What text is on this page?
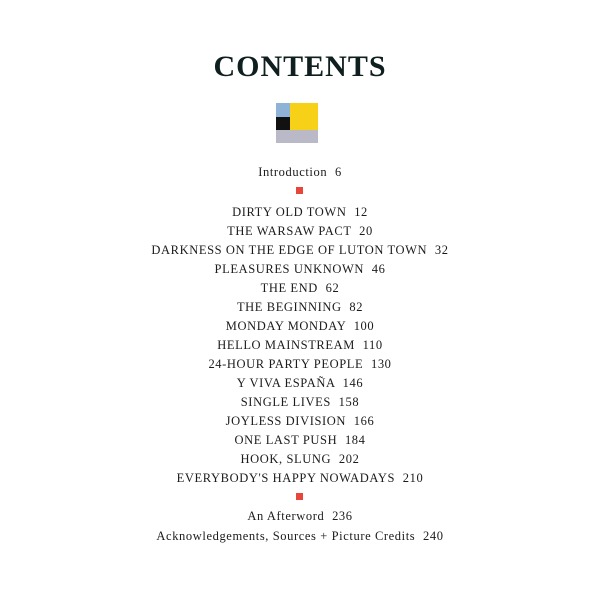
CONTENTS
Introduction 6
DIRTY OLD TOWN 12
THE WARSAW PACT 20
DARKNESS ON THE EDGE OF LUTON TOWN 32
PLEASURES UNKNOWN 46
THE END 62
THE BEGINNING 82
MONDAY MONDAY 100
HELLO MAINSTREAM 110
24-HOUR PARTY PEOPLE 130
Y VIVA ESPAÑA 146
SINGLE LIVES 158
JOYLESS DIVISION 166
ONE LAST PUSH 184
HOOK, SLUNG 202
EVERYBODY'S HAPPY NOWADAYS 210
An Afterword 236
Acknowledgements, Sources + Picture Credits 240
